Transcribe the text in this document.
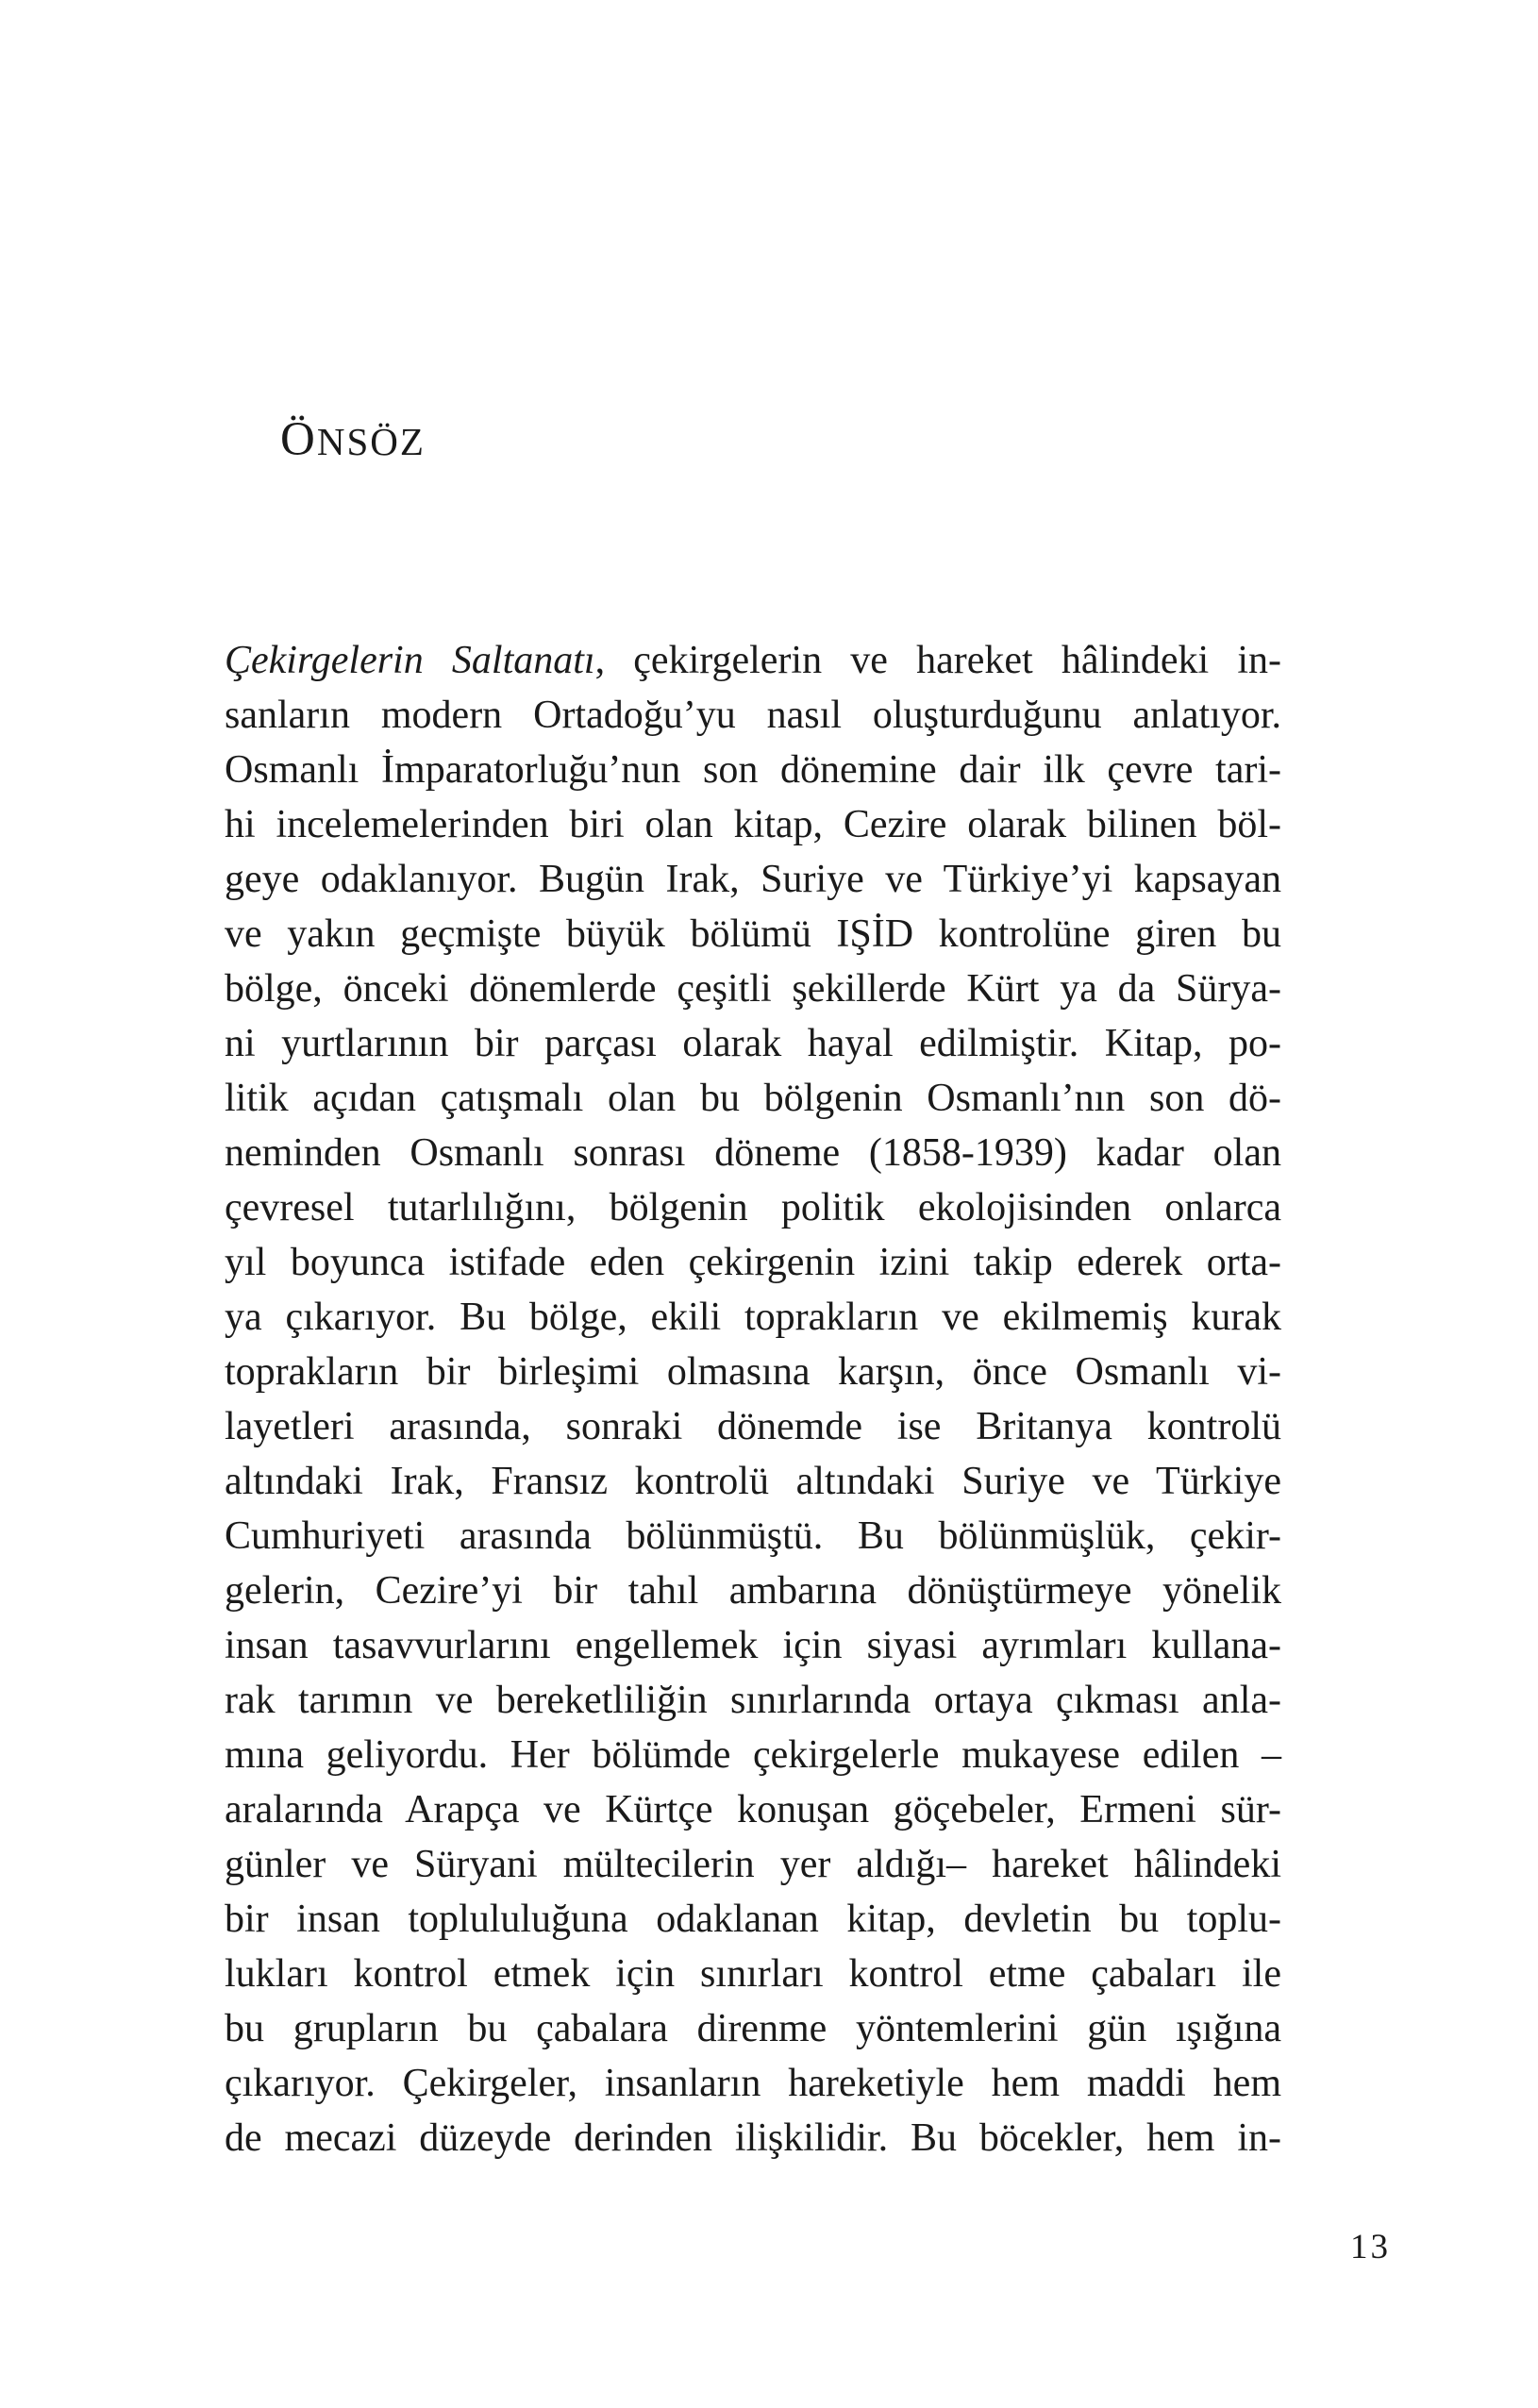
ÖNSÖZ
Çekirgelerin Saltanatı, çekirgelerin ve hareket hâlindeki in-
sanların modern Ortadoğu’yu nasıl oluşturduğunu anlatıyor.
Osmanlı İmparatorluğu’nun son dönemine dair ilk çevre tari-
hi incelemelerinden biri olan kitap, Cezire olarak bilinen böl-
geye odaklanıyor. Bugün Irak, Suriye ve Türkiye’yi kapsayan
ve yakın geçmişte büyük bölümü IŞİD kontrolüne giren bu
bölge, önceki dönemlerde çeşitli şekillerde Kürt ya da Sürya-
ni yurtlarının bir parçası olarak hayal edilmiştir. Kitap, po-
litik açıdan çatışmalı olan bu bölgenin Osmanlı’nın son dö-
neminden Osmanlı sonrası döneme (1858-1939) kadar olan
çevresel tutarlılığını, bölgenin politik ekolojisinden onlarca
yıl boyunca istifade eden çekirgenin izini takip ederek orta-
ya çıkarıyor. Bu bölge, ekili toprakların ve ekilmemiş kurak
toprakların bir birleşimi olmasına karşın, önce Osmanlı vi-
layetleri arasında, sonraki dönemde ise Britanya kontrolü
altındaki Irak, Fransız kontrolü altındaki Suriye ve Türkiye
Cumhuriyeti arasında bölünmüştü. Bu bölünmüşlük, çekir-
gelerin, Cezire’yi bir tahıl ambarına dönüştürmeye yönelik
insan tasavvurlarını engellemek için siyasi ayrımları kullana-
rak tarımın ve bereketliliğin sınırlarında ortaya çıkması anla-
mına geliyordu. Her bölümde çekirgelerle mukayese edilen –
aralarında Arapça ve Kürtçe konuşan göçebeler, Ermeni sür-
günler ve Süryani mültecilerin yer aldığı– hareket hâlindeki
bir insan toplululuğuna odaklanan kitap, devletin bu toplu-
lukları kontrol etmek için sınırları kontrol etme çabaları ile
bu grupların bu çabalara direnme yöntemlerini gün ışığına
çıkarıyor. Çekirgeler, insanların hareketiyle hem maddi hem
de mecazi düzeyde derinden ilişkilidir. Bu böcekler, hem in-
13
